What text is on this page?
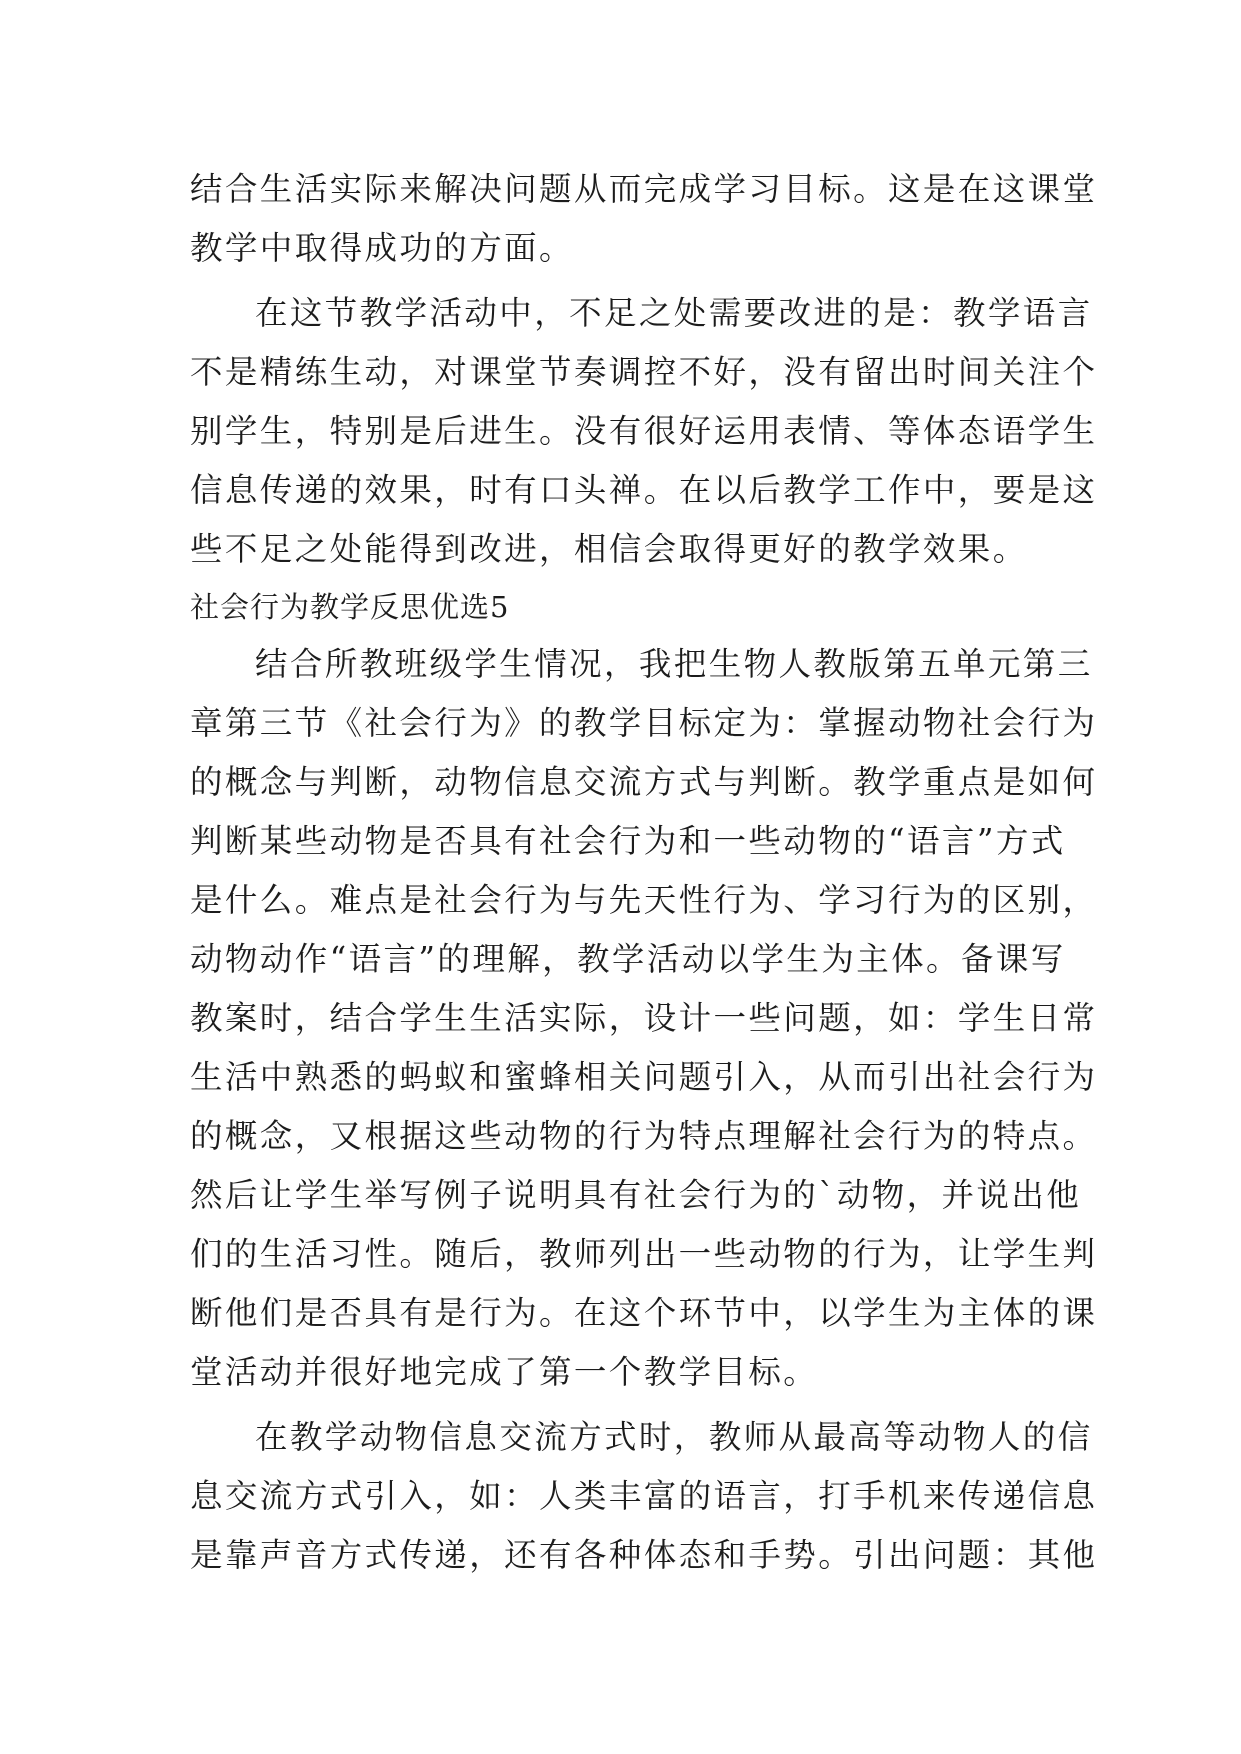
结合生活实际来解决问题从而完成学习目标。这是在这课堂
教学中取得成功的方面。
在这节教学活动中，不足之处需要改进的是：教学语言
不是精练生动，对课堂节奏调控不好，没有留出时间关注个
别学生，特别是后进生。没有很好运用表情、等体态语学生
信息传递的效果，时有口头禅。在以后教学工作中，要是这
些不足之处能得到改进，相信会取得更好的教学效果。
社会行为教学反思优选5
结合所教班级学生情况，我把生物人教版第五单元第三
章第三节《社会行为》的教学目标定为：掌握动物社会行为
的概念与判断，动物信息交流方式与判断。教学重点是如何
判断某些动物是否具有社会行为和一些动物的“语言”方式
是什么。难点是社会行为与先天性行为、学习行为的区别，
动物动作“语言”的理解，教学活动以学生为主体。备课写
教案时，结合学生生活实际，设计一些问题，如：学生日常
生活中熟悉的蚂蚁和蜜蜂相关问题引入，从而引出社会行为
的概念，又根据这些动物的行为特点理解社会行为的特点。
然后让学生举写例子说明具有社会行为的`动物，并说出他
们的生活习性。随后，教师列出一些动物的行为，让学生判
断他们是否具有是行为。在这个环节中，以学生为主体的课
堂活动并很好地完成了第一个教学目标。
在教学动物信息交流方式时，教师从最高等动物人的信
息交流方式引入，如：人类丰富的语言，打手机来传递信息
是靠声音方式传递，还有各种体态和手势。引出问题：其他
